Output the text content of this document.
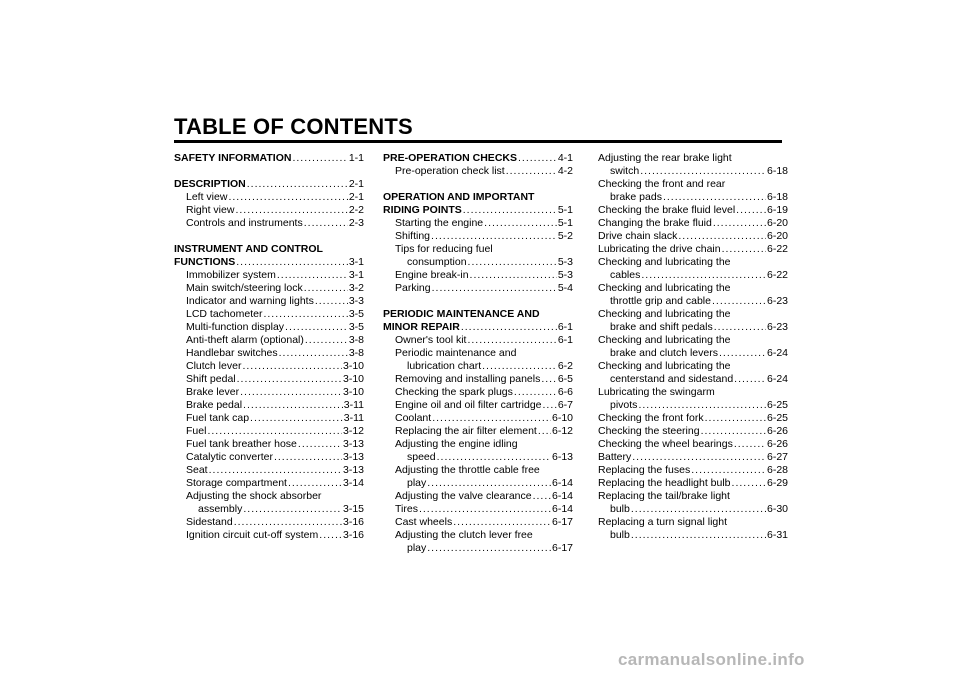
TABLE OF CONTENTS
SAFETY INFORMATION .....	1-1
DESCRIPTION .....	2-1
Left view .....	2-1
Right view .....	2-2
Controls and instruments .....	2-3
INSTRUMENT AND CONTROL
FUNCTIONS .....	3-1
Immobilizer system .....	3-1
Main switch/steering lock .....	3-2
Indicator and warning lights .....	3-3
LCD tachometer .....	3-5
Multi-function display .....	3-5
Anti-theft alarm (optional) .....	3-8
Handlebar switches .....	3-8
Clutch lever .....	3-10
Shift pedal .....	3-10
Brake lever .....	3-10
Brake pedal .....	3-11
Fuel tank cap .....	3-11
Fuel .....	3-12
Fuel tank breather hose .....	3-13
Catalytic converter .....	3-13
Seat .....	3-13
Storage compartment .....	3-14
Adjusting the shock absorber
assembly .....	3-15
Sidestand .....	3-16
Ignition circuit cut-off system ..... 3-16
PRE-OPERATION CHECKS .....	4-1
Pre-operation check list .....	4-2
OPERATION AND IMPORTANT
RIDING POINTS .....	5-1
Starting the engine .....	5-1
Shifting .....	5-2
Tips for reducing fuel
consumption .....	5-3
Engine break-in .....	5-3
Parking .....	5-4
PERIODIC MAINTENANCE AND
MINOR REPAIR .....	6-1
Owner's tool kit .....	6-1
Periodic maintenance and
lubrication chart .....	6-2
Removing and installing panels ..... 6-5
Checking the spark plugs .....	6-6
Engine oil and oil filter cartridge ..... 6-7
Coolant .....	6-10
Replacing the air filter element ..... 6-12
Adjusting the engine idling
speed .....	6-13
Adjusting the throttle cable free
play .....	6-14
Adjusting the valve clearance ..... 6-14
Tires .....	6-14
Cast wheels .....	6-17
Adjusting the clutch lever free
play .....	6-17
Adjusting the rear brake light
switch .....	6-18
Checking the front and rear
brake pads .....	6-18
Checking the brake fluid level .....	6-19
Changing the brake fluid .....	6-20
Drive chain slack .....	6-20
Lubricating the drive chain .....	6-22
Checking and lubricating the
cables .....	6-22
Checking and lubricating the
throttle grip and cable .....	6-23
Checking and lubricating the
brake and shift pedals .....	6-23
Checking and lubricating the
brake and clutch levers .....	6-24
Checking and lubricating the
centerstand and sidestand .....	6-24
Lubricating the swingarm
pivots .....	6-25
Checking the front fork .....	6-25
Checking the steering .....	6-26
Checking the wheel bearings .....	6-26
Battery .....	6-27
Replacing the fuses .....	6-28
Replacing the headlight bulb .....	6-29
Replacing the tail/brake light
bulb .....	6-30
Replacing a turn signal light
bulb .....	6-31
carmanualsonline.info
